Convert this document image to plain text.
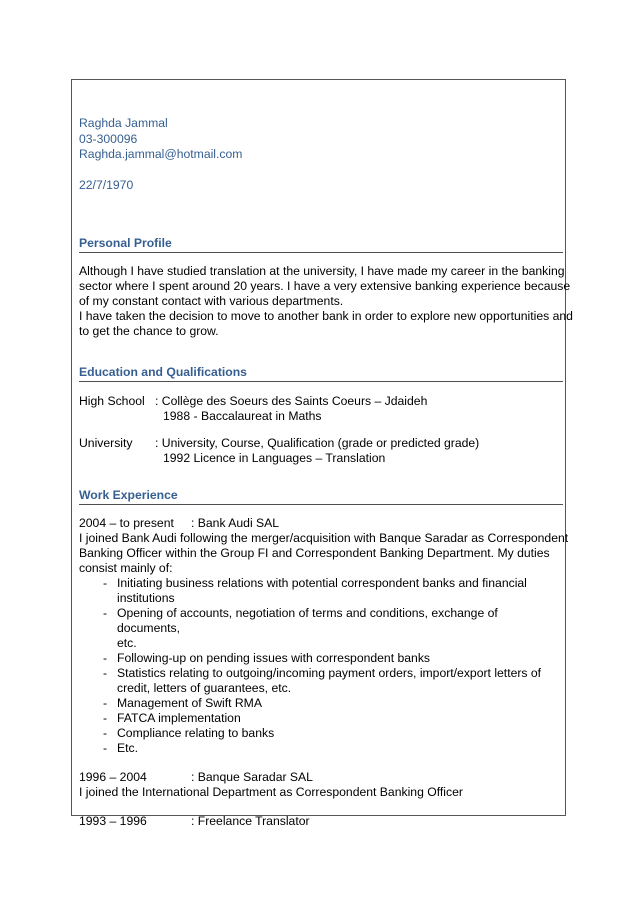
Raghda Jammal
03-300096
Raghda.jammal@hotmail.com
22/7/1970
Personal Profile
Although I have studied translation at the university, I have made my career in the banking
sector where I spent around 20 years. I have a very extensive banking experience because
of my constant contact with various departments.
I have taken the decision to move to another bank in order to explore new opportunities and
to get the chance to grow.
Education and Qualifications
High School : Collège des Soeurs des Saints Coeurs – Jdaideh
1988 - Baccalaureat in Maths
University	: University, Course, Qualification (grade or predicted grade)
1992 Licence in Languages – Translation
Work Experience
2004 – to present	: Bank Audi SAL
I joined Bank Audi following the merger/acquisition with Banque Saradar as Correspondent
Banking Officer within the Group FI and Correspondent Banking Department. My duties
consist mainly of:
- Initiating business relations with potential correspondent banks and financial
institutions
- Opening of accounts, negotiation of terms and conditions, exchange of documents,
etc.
- Following-up on pending issues with correspondent banks
- Statistics relating to outgoing/incoming payment orders, import/export letters of
credit, letters of guarantees, etc.
- Management of Swift RMA
- FATCA implementation
- Compliance relating to banks
- Etc.
1996 – 2004	: Banque Saradar SAL
I joined the International Department as Correspondent Banking Officer
1993 – 1996	: Freelance Translator
